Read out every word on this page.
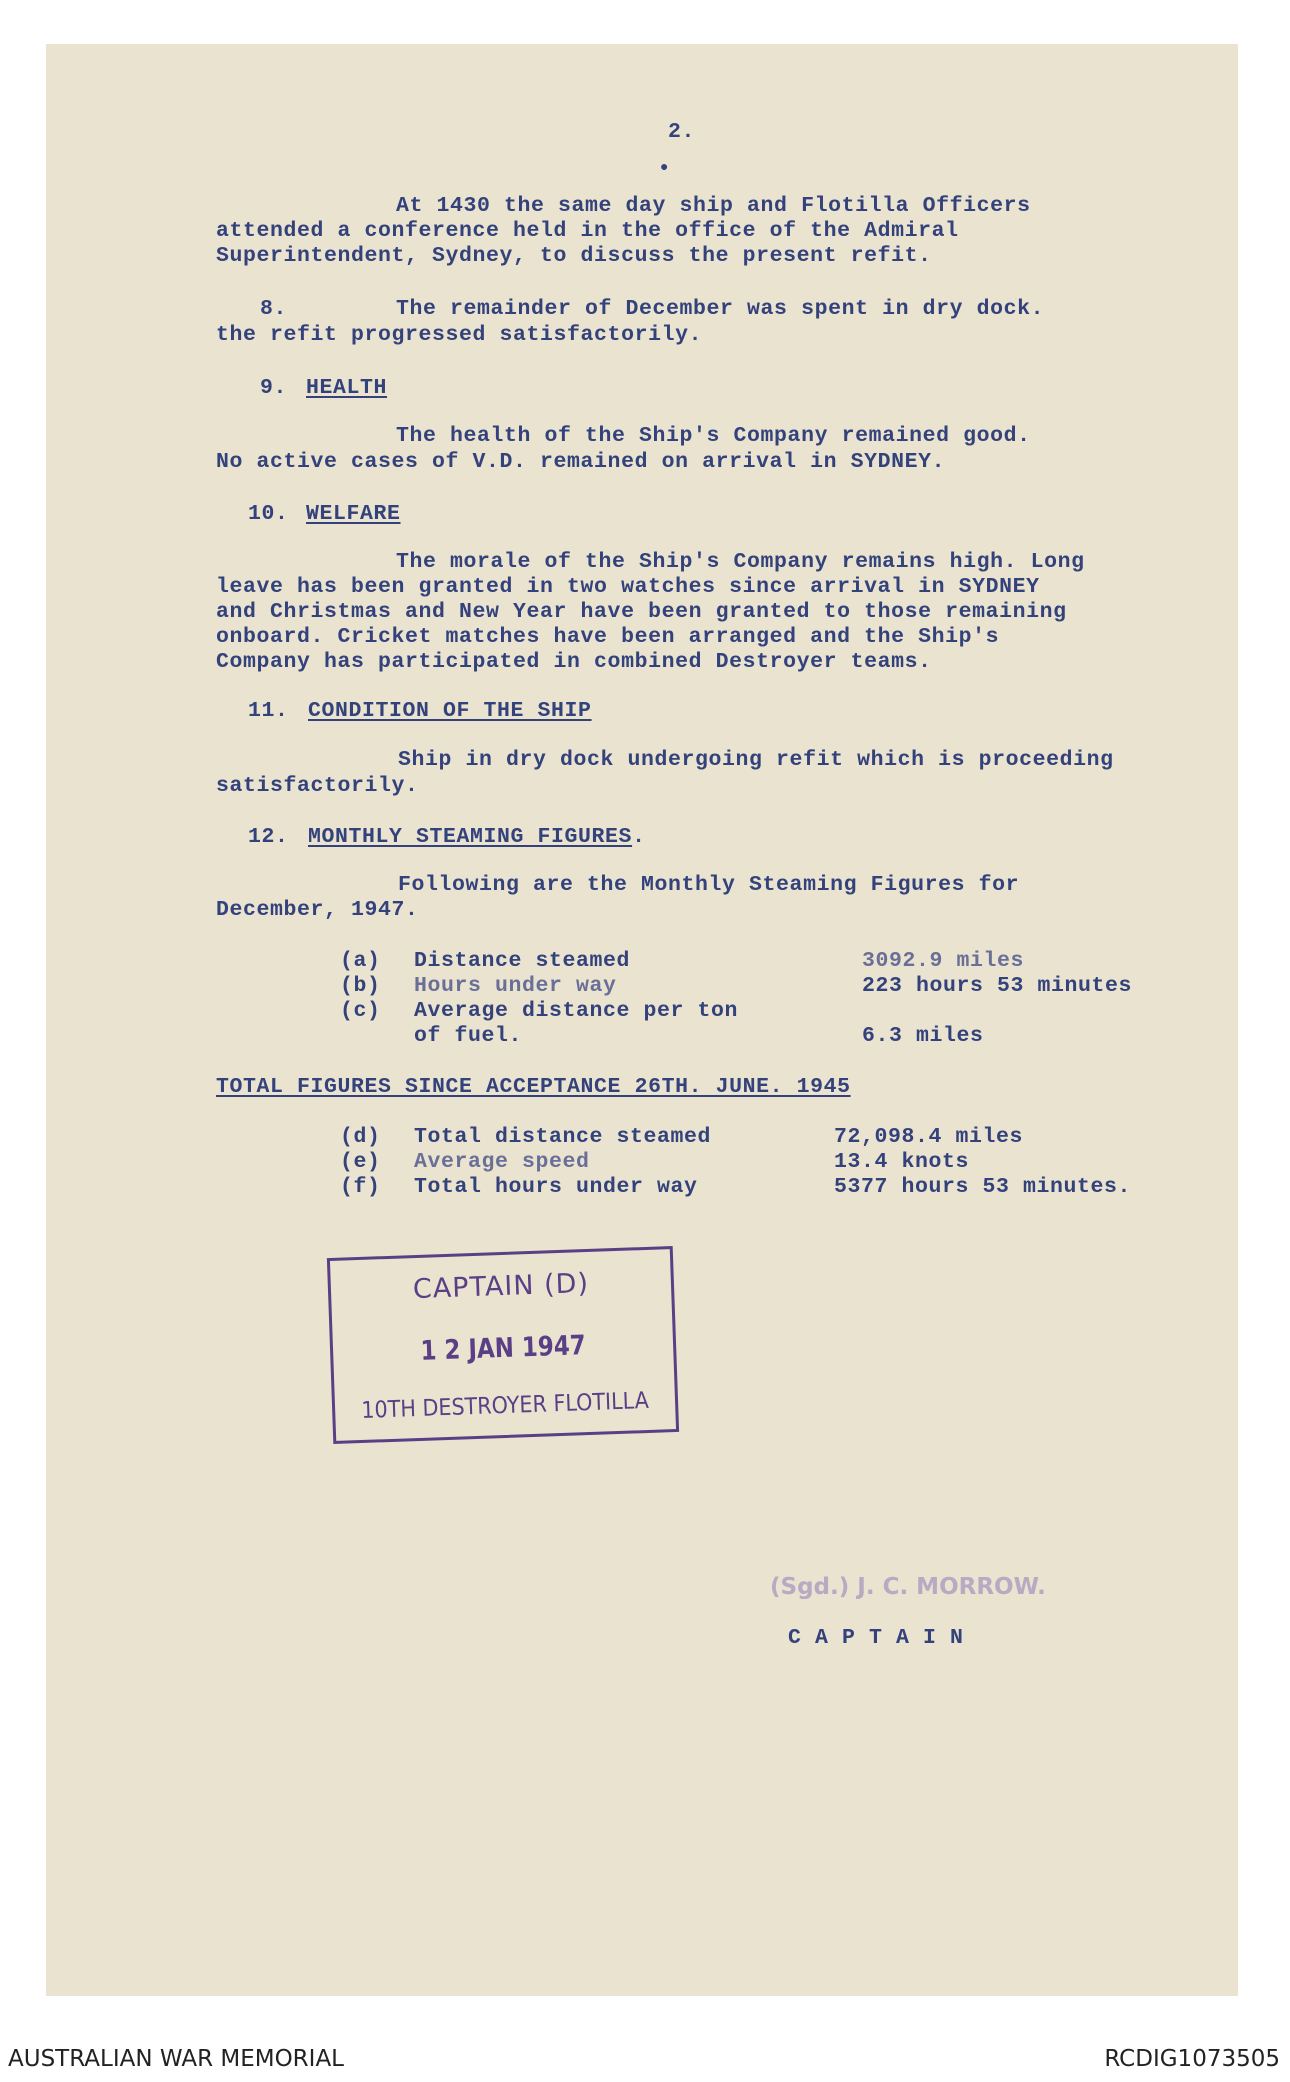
2.
●
At 1430 the same day ship and Flotilla Officers
attended a conference held in the office of the Admiral
Superintendent, Sydney, to discuss the present refit.
8.	The remainder of December was spent in dry dock.
the refit progressed satisfactorily.
9. HEALTH
The health of the Ship's Company remained good.
No active cases of V.D. remained on arrival in SYDNEY.
10. WELFARE
The morale of the Ship's Company remains high. Long
leave has been granted in two watches since arrival in SYDNEY
and Christmas and New Year have been granted to those remaining
onboard. Cricket matches have been arranged and the Ship's
Company has participated in combined Destroyer teams.
11. CONDITION OF THE SHIP
Ship in dry dock undergoing refit which is proceeding
satisfactorily.
12. MONTHLY STEAMING FIGURES.
Following are the Monthly Steaming Figures for
December, 1947.
(a) Distance steamed	3092.9 miles
(b) Hours under way	223 hours 53 minutes
(c) Average distance per ton
of fuel.	6.3 miles
TOTAL FIGURES SINCE ACCEPTANCE 26TH. JUNE. 1945
(d) Total distance steamed	72,098.4 miles
(e) Average speed	13.4 knots
(f) Total hours under way	5377 hours 53 minutes.
(Sgd.) J. C. MORROW.
C A P T A I N
CAPTAIN (D)
1 2 JAN 1947
10TH DESTROYER FLOTILLA
AUSTRALIAN WAR MEMORIAL	RCDIG1073505
